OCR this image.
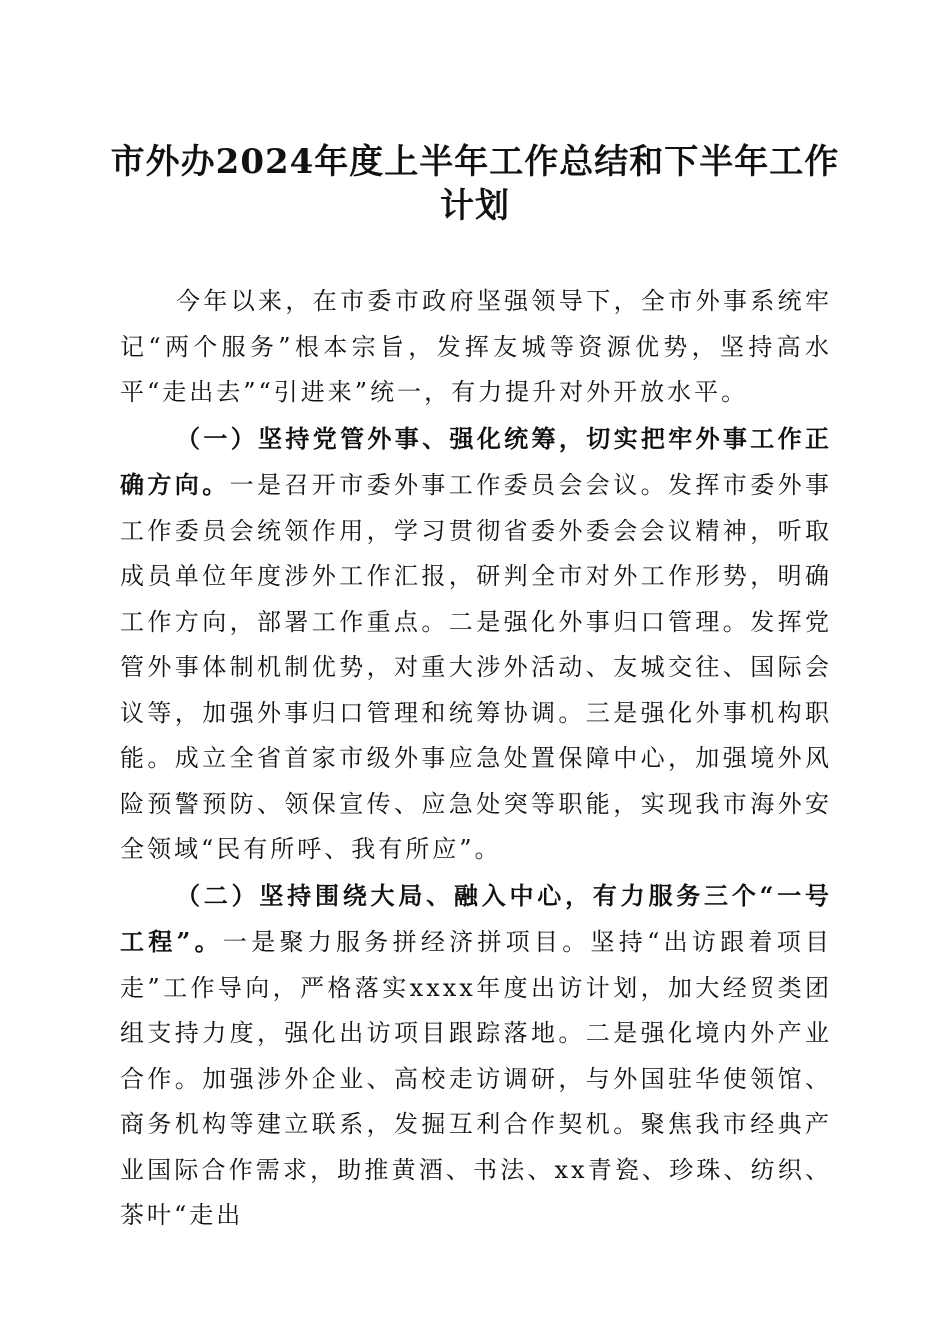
市外办2024年度上半年工作总结和下半年工作计划

今年以来，在市委市政府坚强领导下，全市外事系统牢记“两个服务”根本宗旨，发挥友城等资源优势，坚持高水平“走出去”“引进来”统一，有力提升对外开放水平。

（一）坚持党管外事、强化统筹，切实把牢外事工作正确方向。一是召开市委外事工作委员会会议。发挥市委外事工作委员会统领作用，学习贯彻省委外委会会议精神，听取成员单位年度涉外工作汇报，研判全市对外工作形势，明确工作方向，部署工作重点。二是强化外事归口管理。发挥党管外事体制机制优势，对重大涉外活动、友城交往、国际会议等，加强外事归口管理和统筹协调。三是强化外事机构职能。成立全省首家市级外事应急处置保障中心，加强境外风险预警预防、领保宣传、应急处突等职能，实现我市海外安全领域“民有所呼、我有所应”。

（二）坚持围绕大局、融入中心，有力服务三个“一号工程”。一是聚力服务拼经济拼项目。坚持“出访跟着项目走”工作导向，严格落实xxxx年度出访计划，加大经贸类团组支持力度，强化出访项目跟踪落地。二是强化境内外产业合作。加强涉外企业、高校走访调研，与外国驻华使领馆、商务机构等建立联系，发掘互利合作契机。聚焦我市经典产业国际合作需求，助推黄酒、书法、xx青瓷、珍珠、纺织、茶叶“走出
